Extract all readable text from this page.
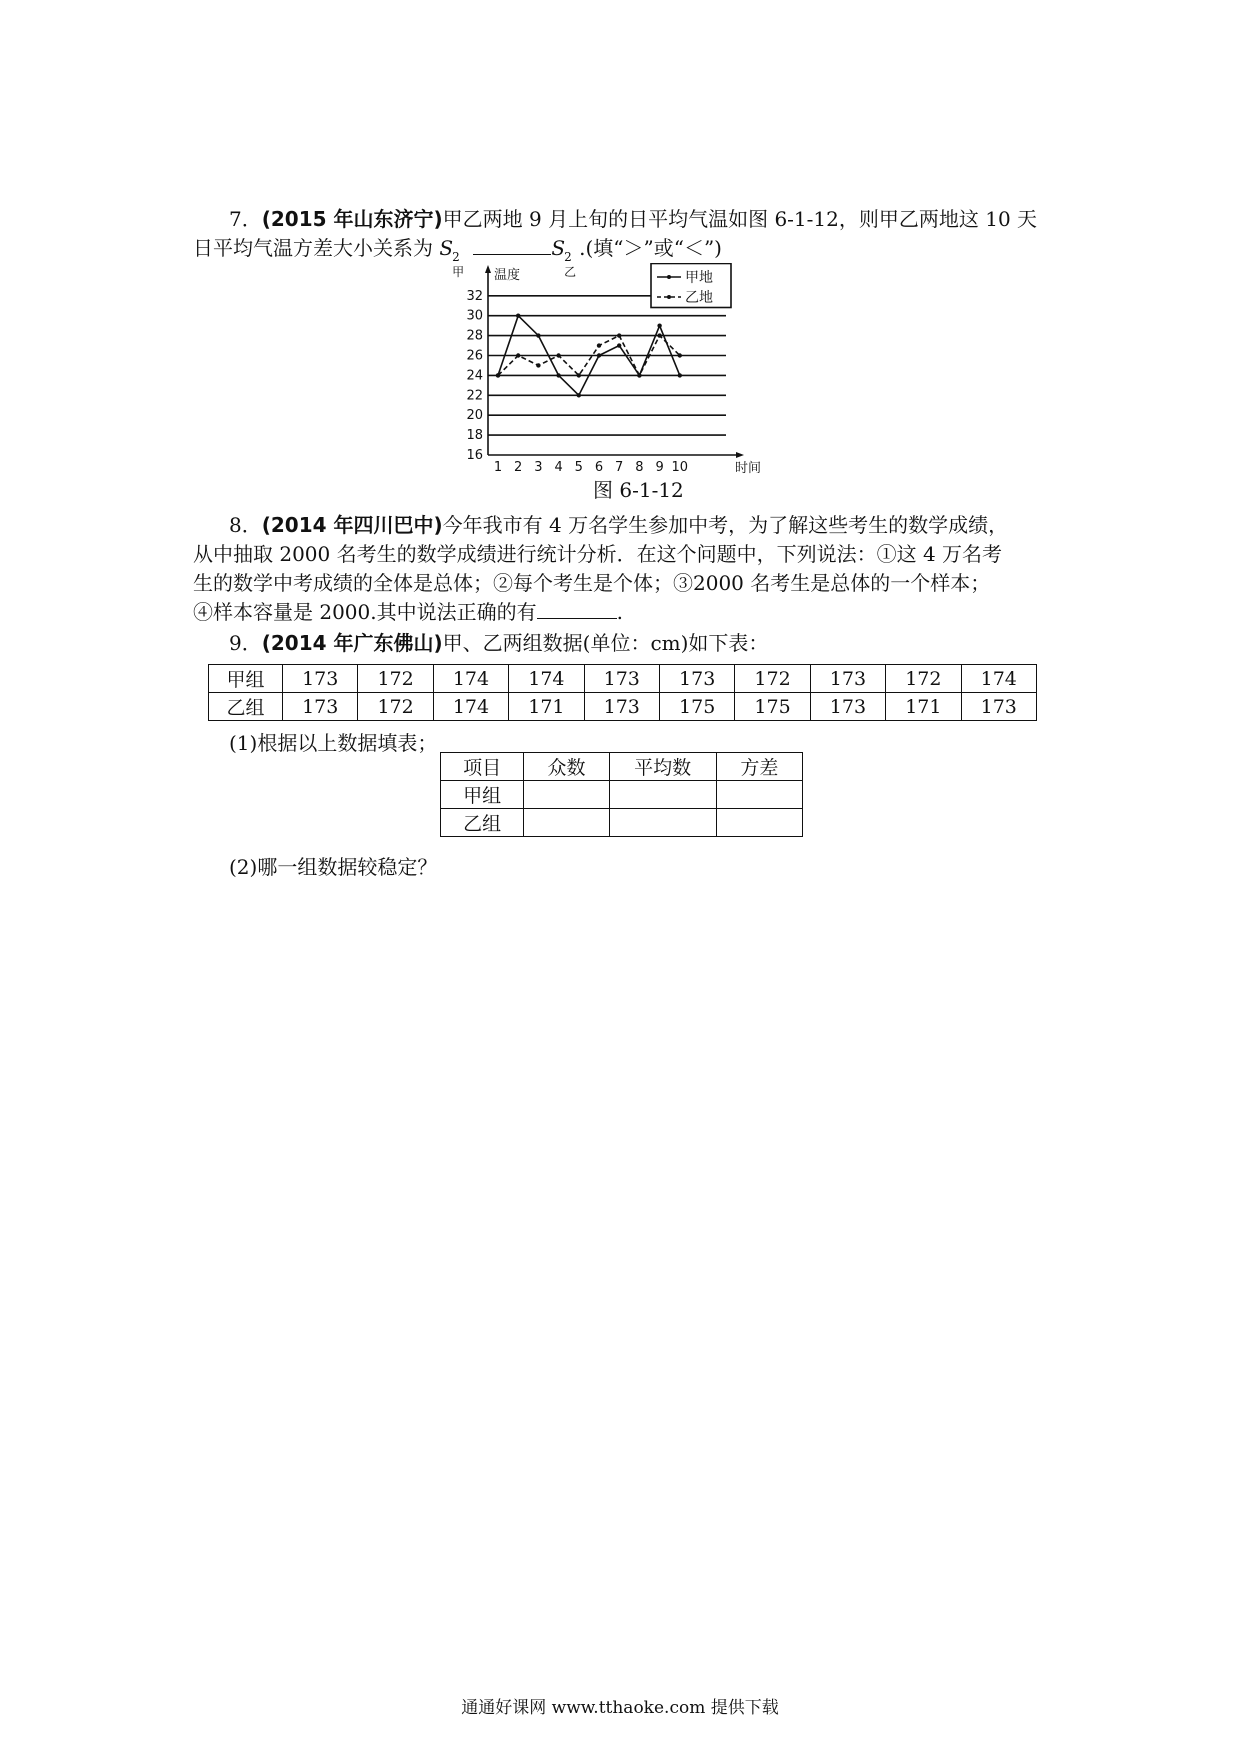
7．(2015 年山东济宁)甲乙两地 9 月上旬的日平均气温如图 6-1-12，则甲乙两地这 10 天
日平均气温方差大小关系为 S 2
甲
S 2
乙
.(填“＞”或“＜”)
16
18
20
22
24
26
28
30
32
温度
时间
1 2 3 4 5 6 7 8 9 10
甲地
乙地
图 6-1-12
8．(2014 年四川巴中)今年我市有 4 万名学生参加中考，为了解这些考生的数学成绩，
从中抽取 2000 名考生的数学成绩进行统计分析．在这个问题中，下列说法：①这 4 万名考
生的数学中考成绩的全体是总体；②每个考生是个体；③2000 名考生是总体的一个样本；
④样本容量是 2000.其中说法正确的有	.
9．(2014 年广东佛山)甲、乙两组数据(单位：cm)如下表：
甲组	173	172	174	174	173	173	172	173	172	174
乙组	173	172	174	171	173	175	175	173	171	173
(1)根据以上数据填表；
项目	众数	平均数	方差
甲组			
乙组			
(2)哪一组数据较稳定？
通通好课网 www.tthaoke.com 提供下载
